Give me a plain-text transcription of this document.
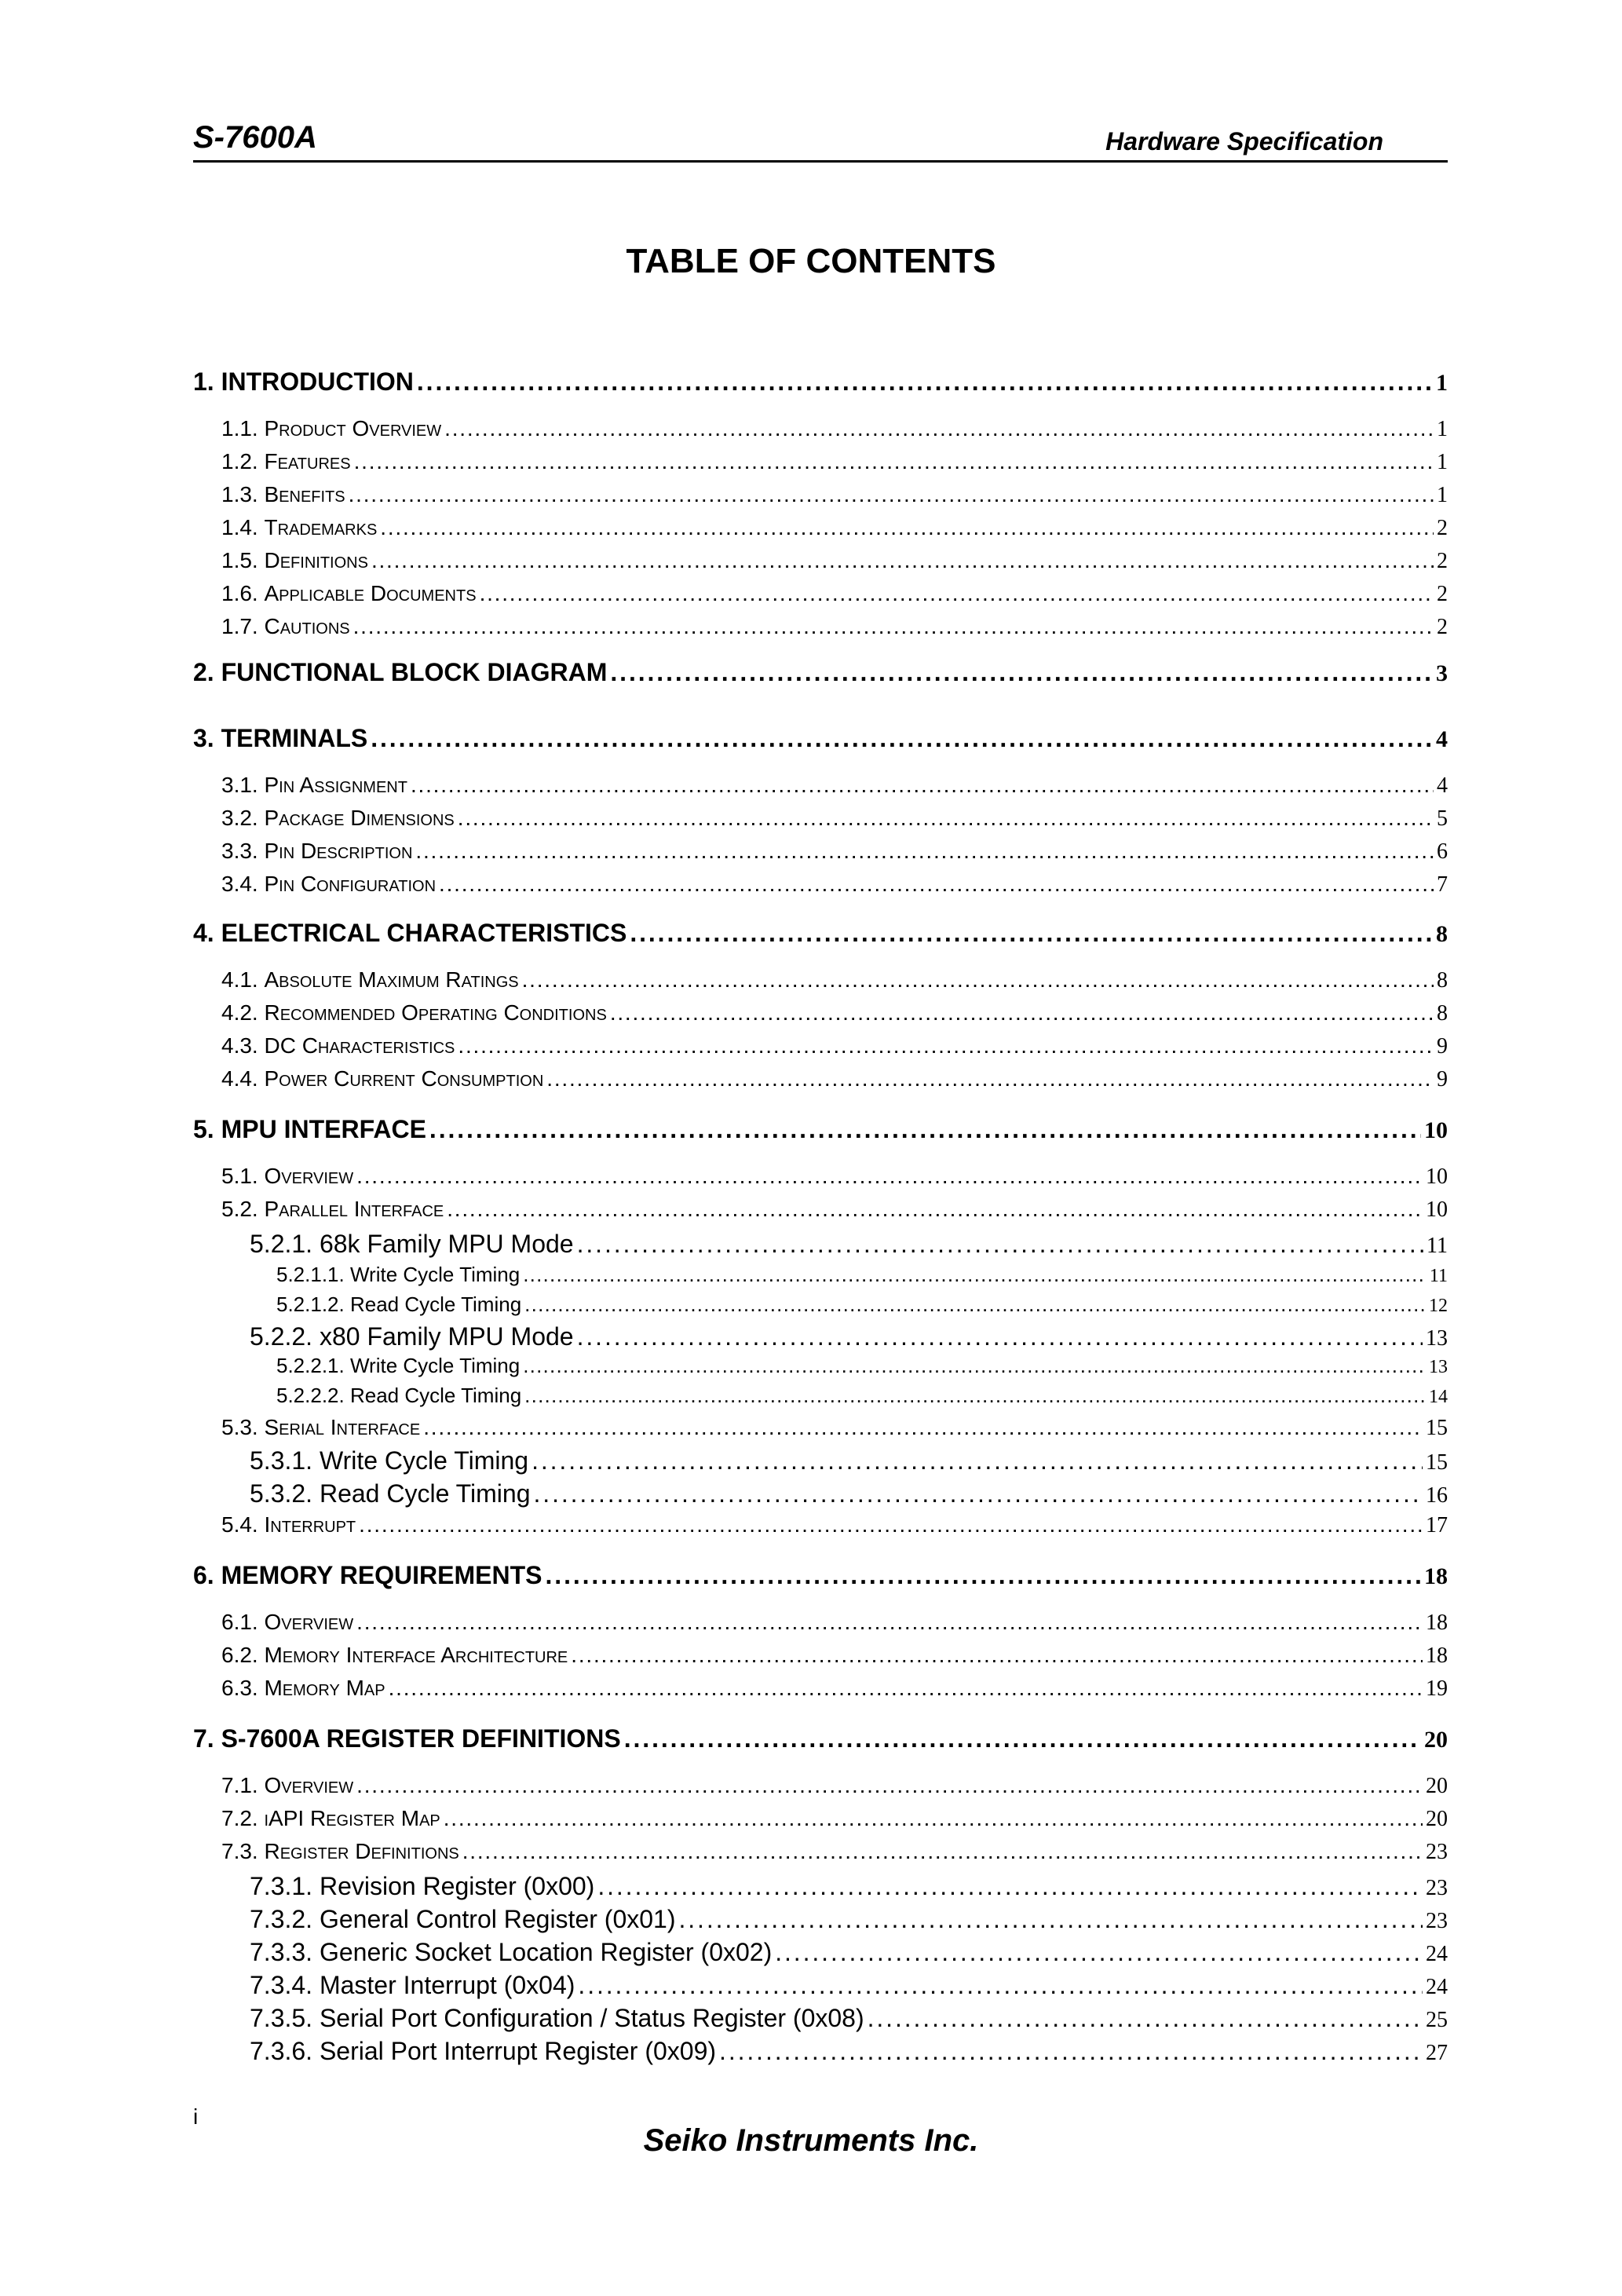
S-7600A	Hardware Specification
TABLE OF CONTENTS
1. INTRODUCTION . . .	1
1.1. Product Overview . . .	1
1.2. Features . . .	1
1.3. Benefits . . .	1
1.4. Trademarks . . .	2
1.5. Definitions . . .	2
1.6. Applicable Documents . . .	2
1.7. Cautions . . .	2
2. FUNCTIONAL BLOCK DIAGRAM . . .	3
3. TERMINALS . . .	4
3.1. Pin Assignment . . .	4
3.2. Package Dimensions . . .	5
3.3. Pin Description . . .	6
3.4. Pin Configuration . . .	7
4. ELECTRICAL CHARACTERISTICS . . .	8
4.1. Absolute Maximum Ratings . . .	8
4.2. Recommended Operating Conditions . . .	8
4.3. DC Characteristics . . .	9
4.4. Power Current Consumption . . .	9
5. MPU INTERFACE . . .	10
5.1. Overview . . .	10
5.2. Parallel Interface . . .	10
5.2.1. 68k Family MPU Mode . . .	11
5.2.1.1. Write Cycle Timing . . .	11
5.2.1.2. Read Cycle Timing . . .	12
5.2.2. x80 Family MPU Mode . . .	13
5.2.2.1. Write Cycle Timing . . .	13
5.2.2.2. Read Cycle Timing . . .	14
5.3. Serial Interface . . .	15
5.3.1. Write Cycle Timing . . .	15
5.3.2. Read Cycle Timing . . .	16
5.4. Interrupt . . .	17
6. MEMORY REQUIREMENTS . . .	18
6.1. Overview . . .	18
6.2. Memory Interface Architecture . . .	18
6.3. Memory Map . . .	19
7. S-7600A REGISTER DEFINITIONS . . .	20
7.1. Overview . . .	20
7.2. iAPI Register Map . . .	20
7.3. Register Definitions . . .	23
7.3.1. Revision Register (0x00) . . .	23
7.3.2. General Control Register (0x01) . . .	23
7.3.3. Generic Socket Location Register (0x02) . . .	24
7.3.4. Master Interrupt (0x04) . . .	24
7.3.5. Serial Port Configuration / Status Register (0x08) . . .	25
7.3.6. Serial Port Interrupt Register (0x09) . . .	27
i
Seiko Instruments Inc.
